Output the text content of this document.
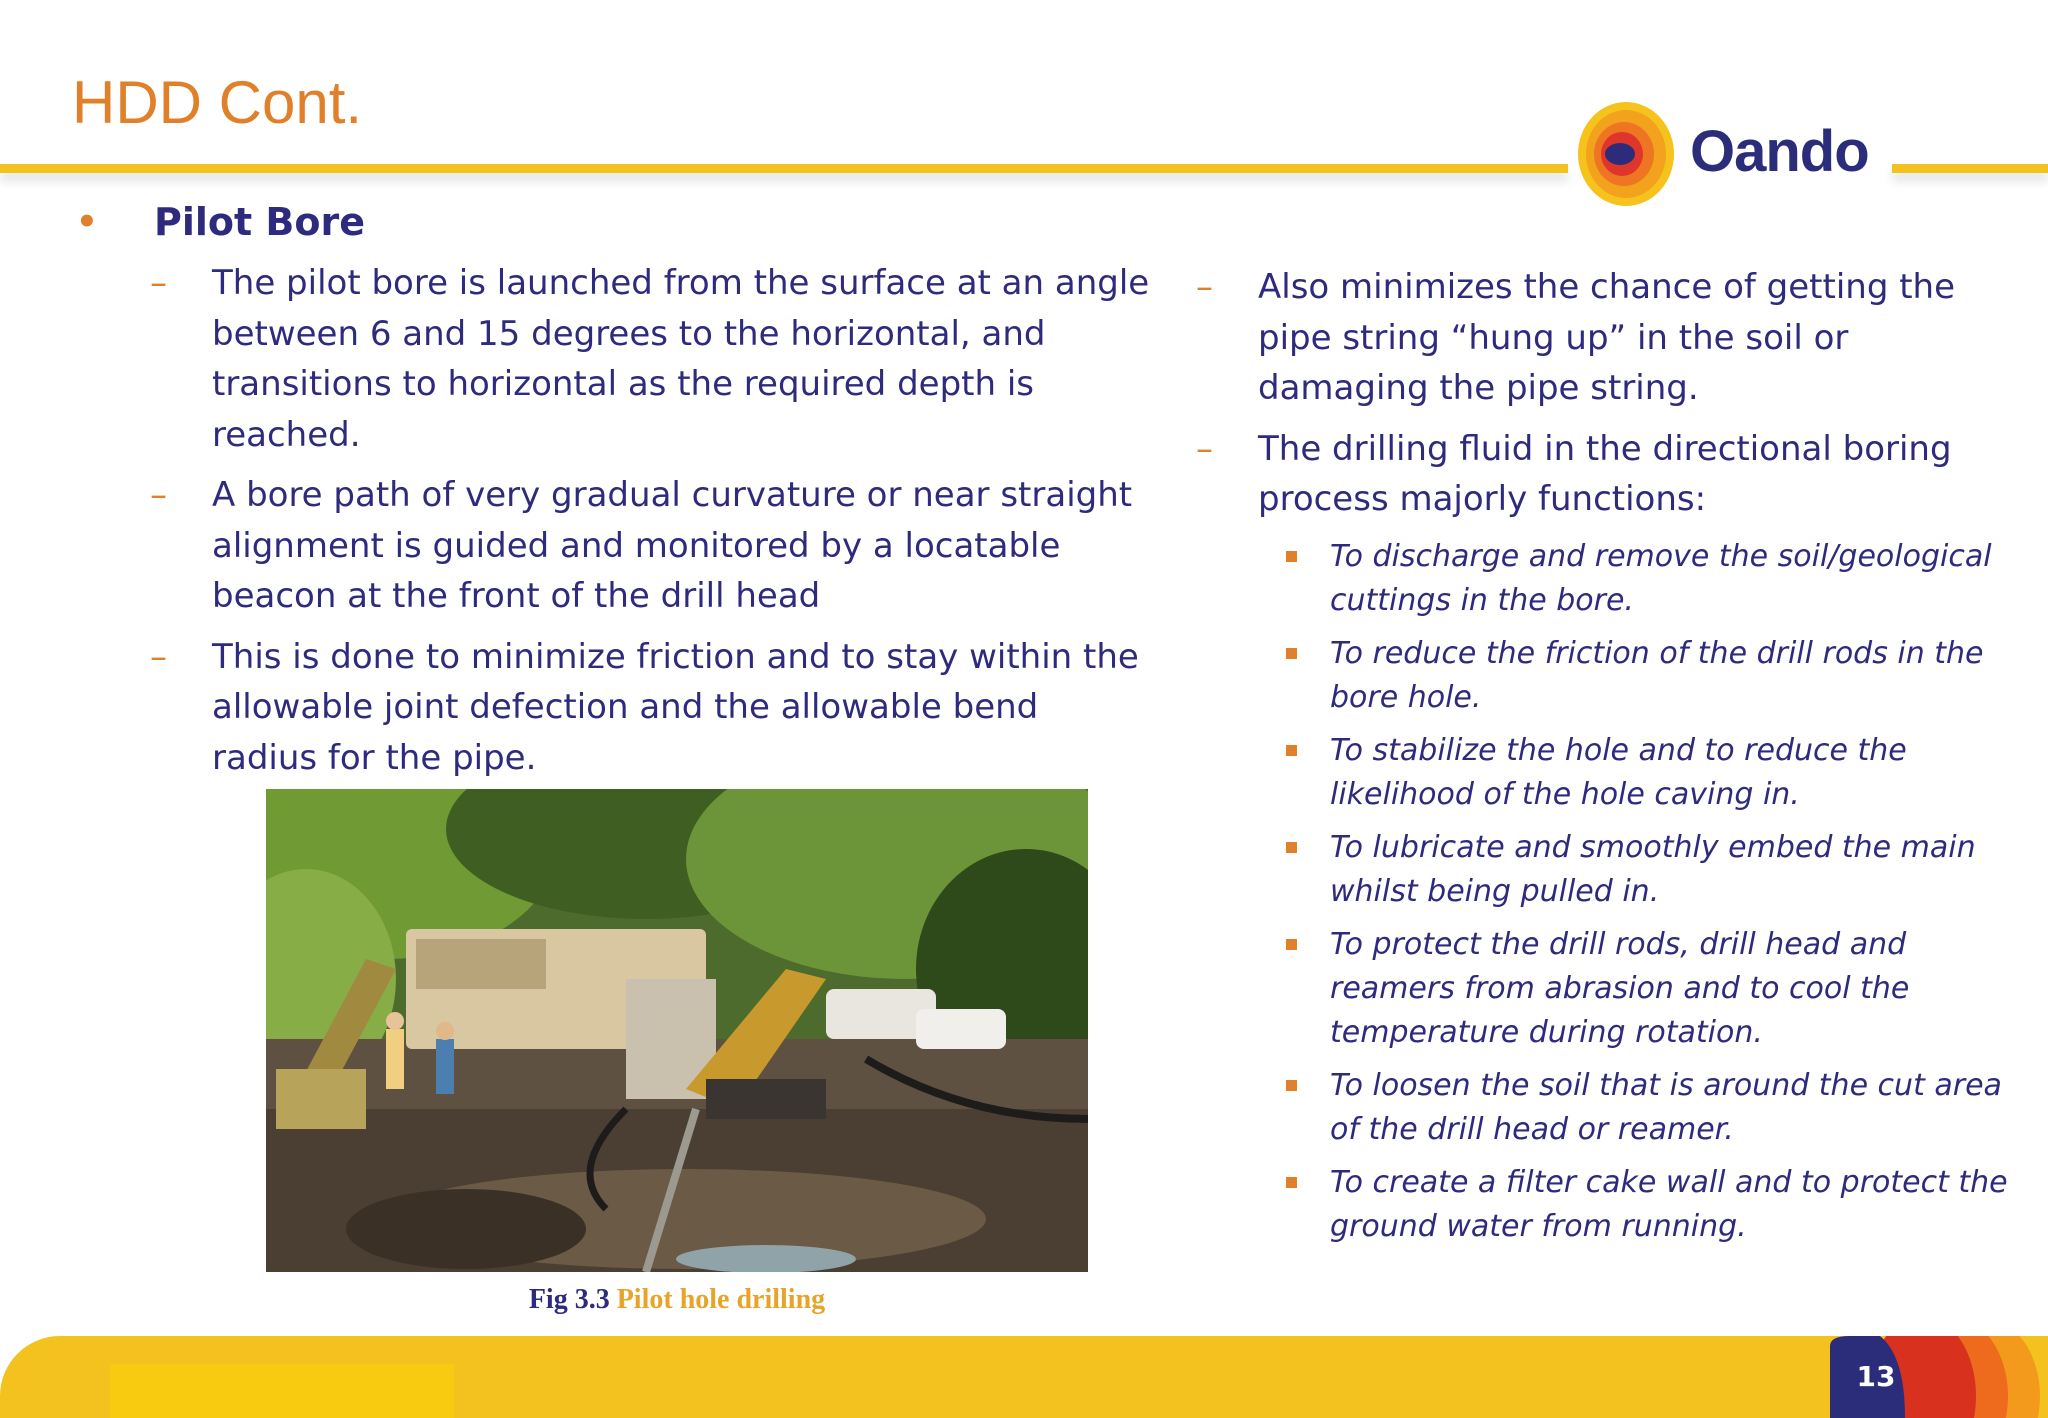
HDD Cont.
Oando
• Pilot Bore
– The pilot bore is launched from the surface at an angle between 6 and 15 degrees to the horizontal, and transitions to horizontal as the required depth is reached.
– A bore path of very gradual curvature or near straight alignment is guided and monitored by a locatable beacon at the front of the drill head
– This is done to minimize friction and to stay within the allowable joint defection and the allowable bend radius for the pipe.
Fig 3.3 Pilot hole drilling
– Also minimizes the chance of getting the pipe string “hung up” in the soil or damaging the pipe string.
– The drilling fluid in the directional boring process majorly functions:
To discharge and remove the soil/geological cuttings in the bore.
To reduce the friction of the drill rods in the bore hole.
To stabilize the hole and to reduce the likelihood of the hole caving in.
To lubricate and smoothly embed the main whilst being pulled in.
To protect the drill rods, drill head and reamers from abrasion and to cool the temperature during rotation.
To loosen the soil that is around the cut area of the drill head or reamer.
To create a filter cake wall and to protect the ground water from running.
13
